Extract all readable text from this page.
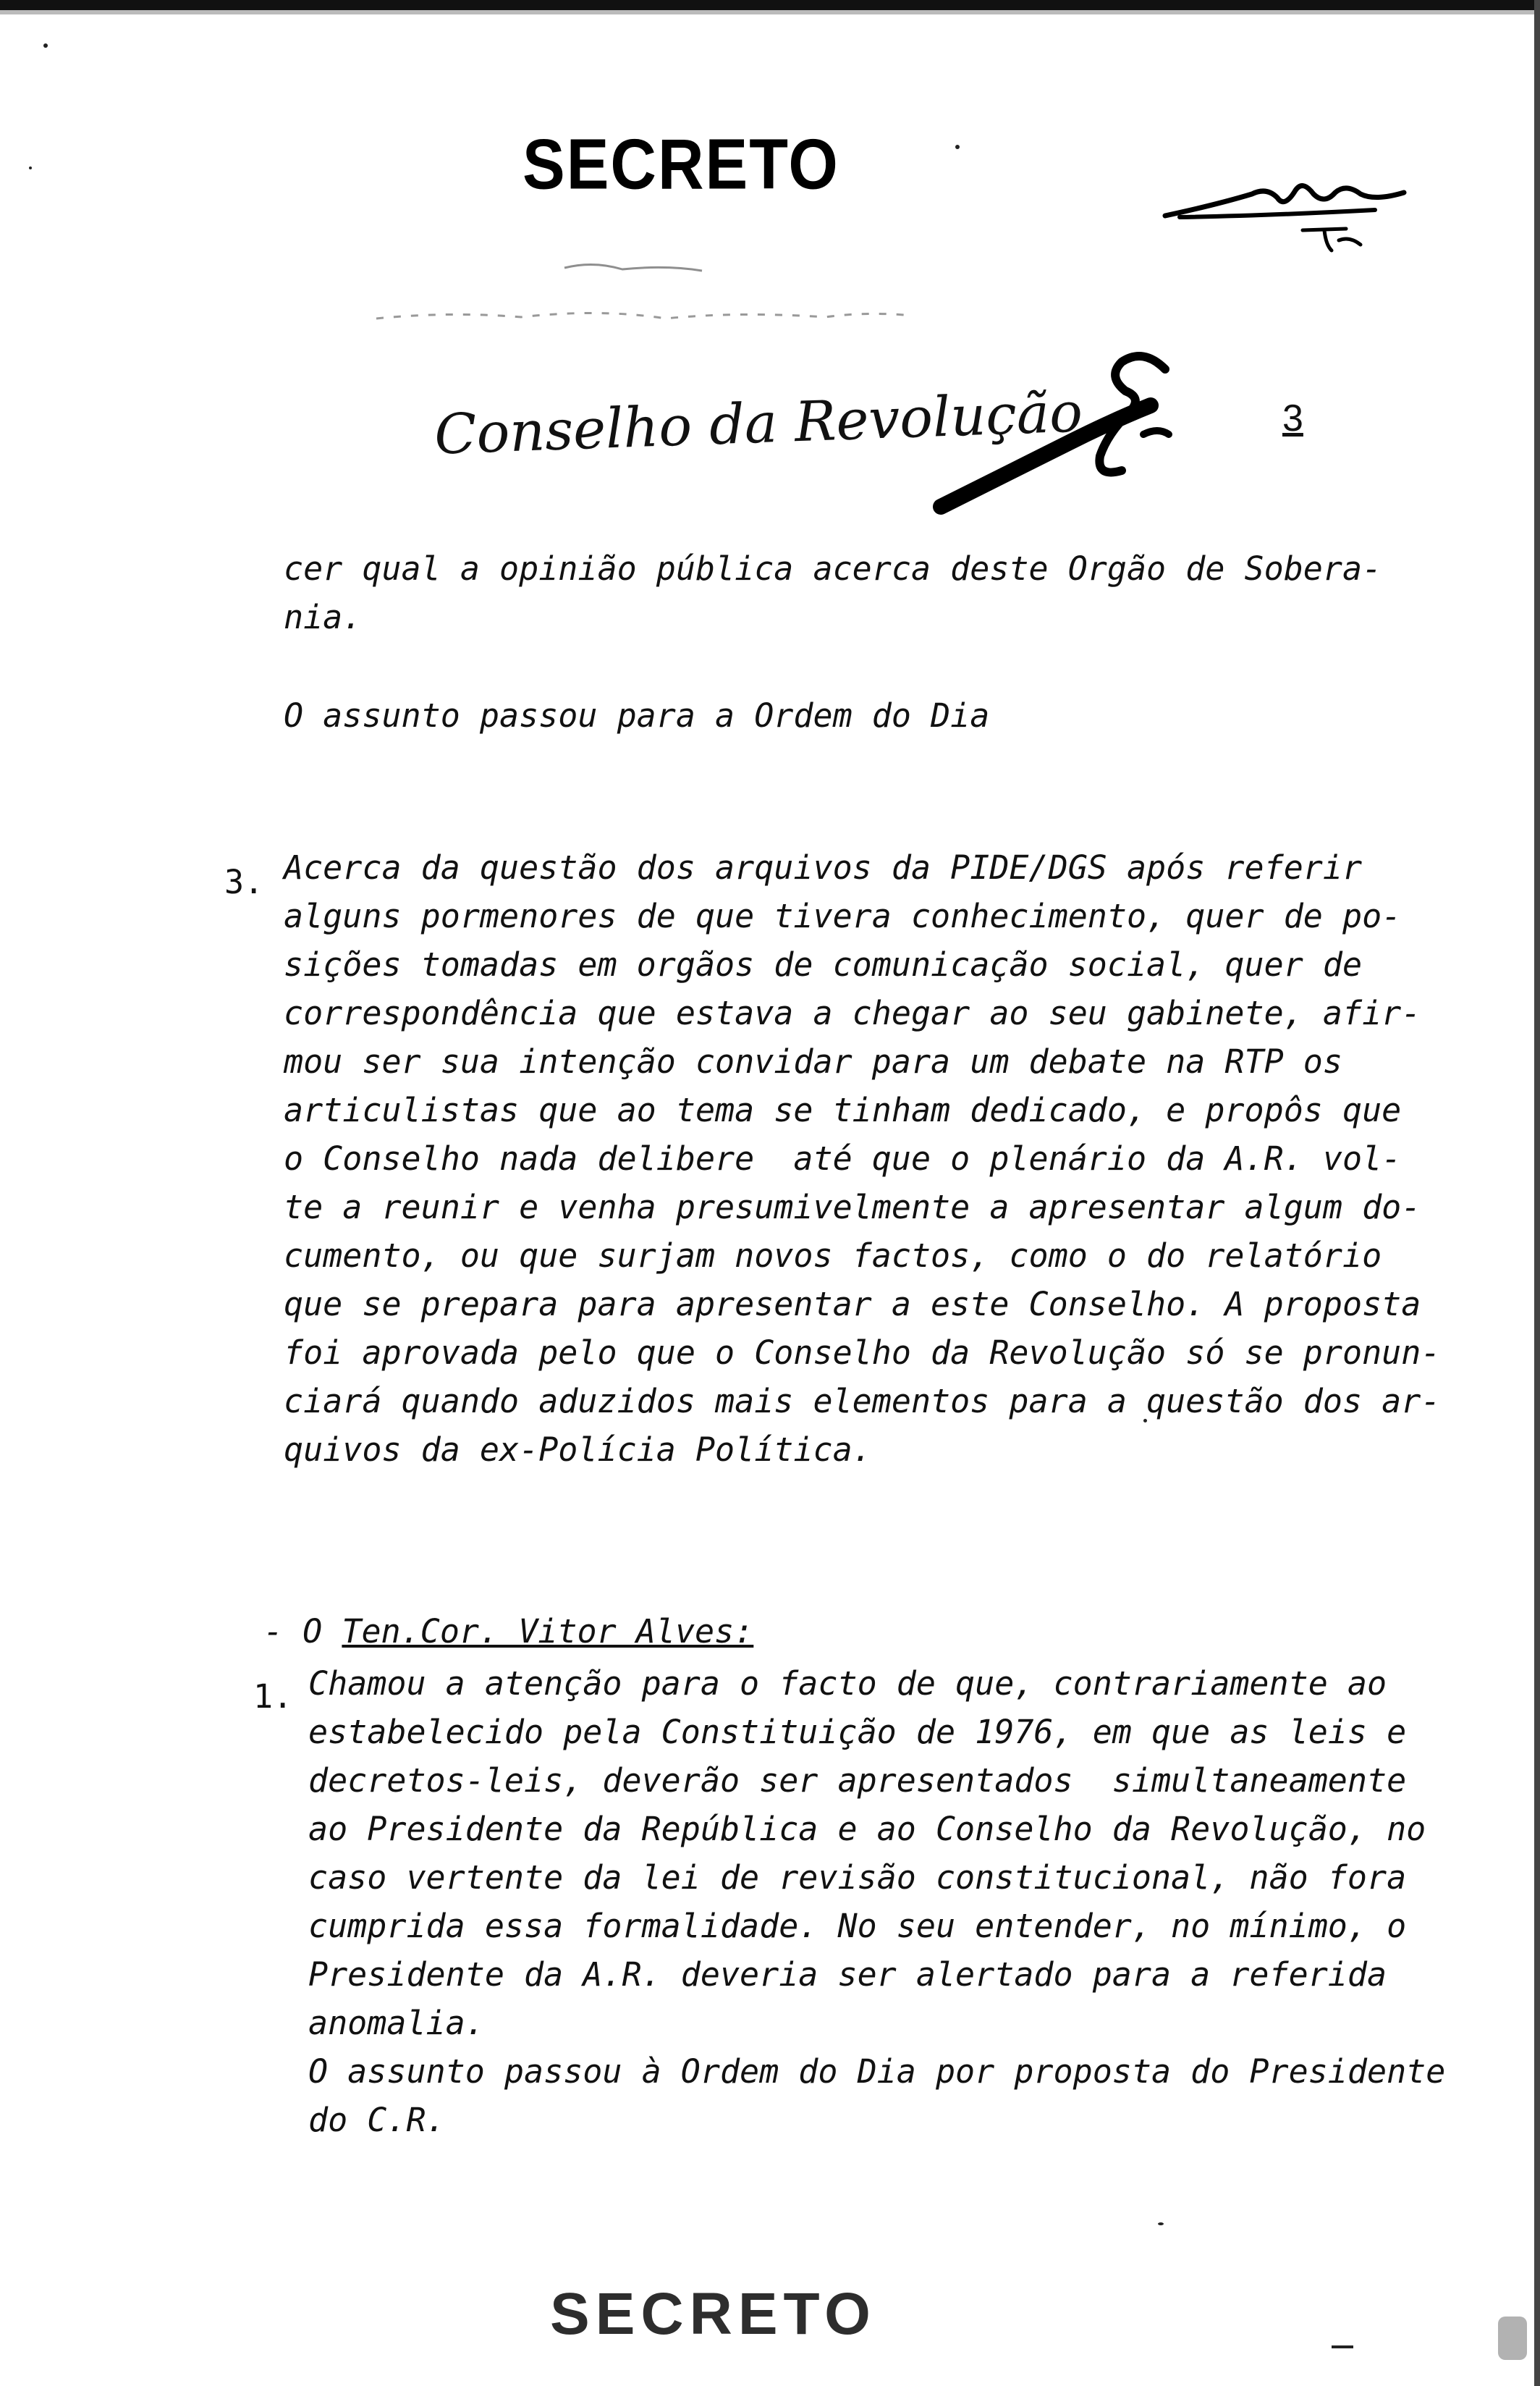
SECRETO
Conselho da Revolução	3
cer qual a opinião pública acerca deste Orgão de Sobera-
nia.
O assunto passou para a Ordem do Dia
3. Acerca da questão dos arquivos da PIDE/DGS após referir
alguns pormenores de que tivera conhecimento, quer de po-
sições tomadas em orgãos de comunicação social, quer de
correspondência que estava a chegar ao seu gabinete, afir-
mou ser sua intenção convidar para um debate na RTP os
articulistas que ao tema se tinham dedicado, e propôs que
o Conselho nada delibere  até que o plenário da A.R. vol-
te a reunir e venha presumivelmente a apresentar algum do-
cumento, ou que surjam novos factos, como o do relatório
que se prepara para apresentar a este Conselho. A proposta
foi aprovada pelo que o Conselho da Revolução só se pronun-
ciará quando aduzidos mais elementos para a questão dos ar-
quivos da ex-Polícia Política.
- O Ten.Cor. Vitor Alves:
1. Chamou a atenção para o facto de que, contrariamente ao
estabelecido pela Constituição de 1976, em que as leis e
decretos-leis, deverão ser apresentados  simultaneamente
ao Presidente da República e ao Conselho da Revolução, no
caso vertente da lei de revisão constitucional, não fora
cumprida essa formalidade. No seu entender, no mínimo, o
Presidente da A.R. deveria ser alertado para a referida
anomalia.
O assunto passou à Ordem do Dia por proposta do Presidente
do C.R.
SECRETO
